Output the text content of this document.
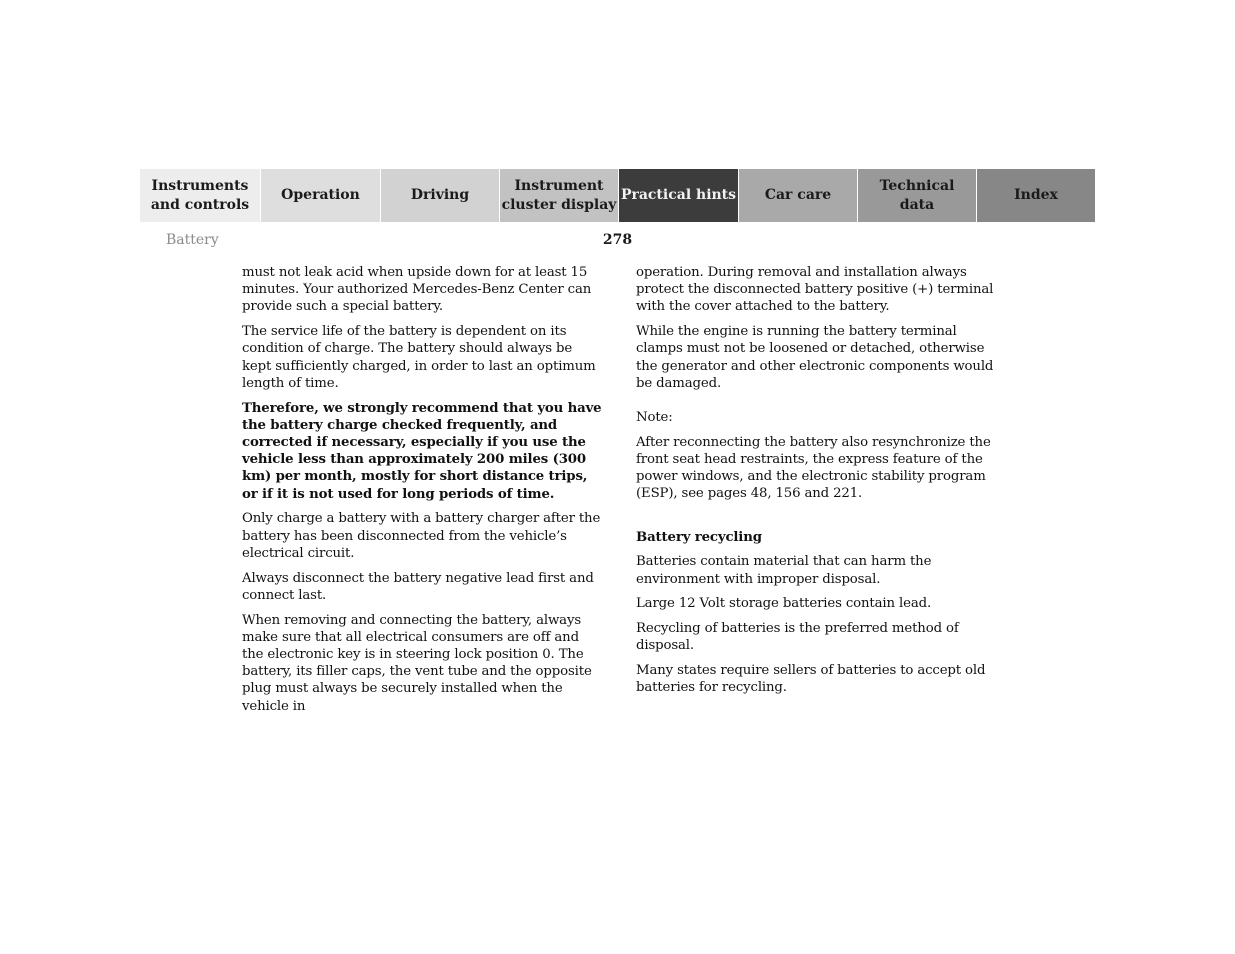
Instruments
and controls
Operation	Driving
Instrument
cluster display
Practical hints	Car care
Technical
data
Index
Battery	278

must not leak acid when upside down for at least 15 minutes. Your authorized Mercedes-Benz Center can provide such a special battery.

The service life of the battery is dependent on its condition of charge. The battery should always be kept sufficiently charged, in order to last an optimum length of time.

Therefore, we strongly recommend that you have the battery charge checked frequently, and corrected if necessary, especially if you use the vehicle less than approximately 200 miles (300 km) per month, mostly for short distance trips, or if it is not used for long periods of time.

Only charge a battery with a battery charger after the battery has been disconnected from the vehicle’s electrical circuit.

Always disconnect the battery negative lead first and connect last.

When removing and connecting the battery, always make sure that all electrical consumers are off and the electronic key is in steering lock position 0. The battery, its filler caps, the vent tube and the opposite plug must always be securely installed when the vehicle in

operation. During removal and installation always protect the disconnected battery positive (+) terminal with the cover attached to the battery.

While the engine is running the battery terminal clamps must not be loosened or detached, otherwise the generator and other electronic components would be damaged.

Note:

After reconnecting the battery also resynchronize the front seat head restraints, the express feature of the power windows, and the electronic stability program (ESP), see pages 48, 156 and 221.

Battery recycling

Batteries contain material that can harm the environment with improper disposal.

Large 12 Volt storage batteries contain lead.

Recycling of batteries is the preferred method of disposal.

Many states require sellers of batteries to accept old batteries for recycling.
